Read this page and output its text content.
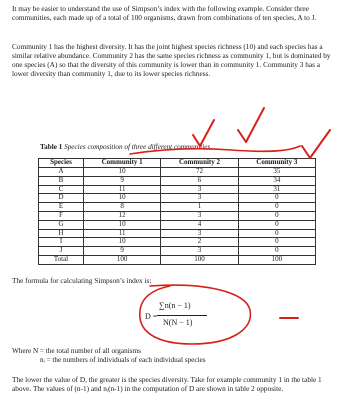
It may be easier to understand the use of Simpson’s index with the following example. Consider three communities, each made up of a total of 100 organisms, drawn from combinations of ten species, A to J.

Community 1 has the highest diversity. It has the joint highest species richness (10) and each species has a similar relative abundance. Community 2 has the same species richness as community 1, but is dominated by one species (A) so that the diversity of this community is lower than in community 1. Community 3 has a lower diversity than community 1, due to its lower species richness.

Table 1 Species composition of three different communities.
Species	Community 1	Community 2	Community 3
A	10	72	35
B	9	6	34
C	11	3	31
D	10	3	0
E	8	1	0
F	12	3	0
G	10	4	0
H	11	3	0
I	10	2	0
J	9	3	0
Total	100	100	100
The formula for calculating Simpson’s index is:
D =
∑n(n − 1)
N(N − 1)
Where N = the total number of all organisms
nᵢ = the numbers of individuals of each individual species

The lower the value of D, the greater is the species diversity. Take for example community 1 in the table 1 above. The values of (n-1) and nᵢ(n-1) in the computation of D are shown in table 2 opposite.
